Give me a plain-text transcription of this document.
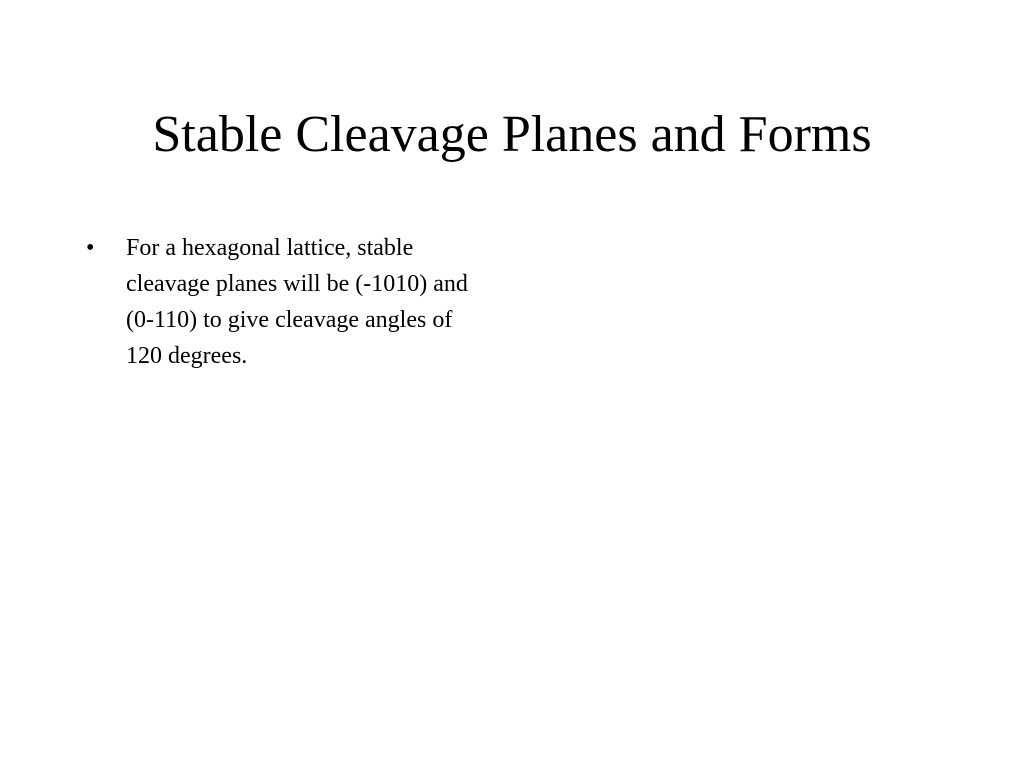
Stable Cleavage Planes and Forms
•	For a hexagonal lattice, stable cleavage planes will be (-1010) and (0-110) to give cleavage angles of 120 degrees.
